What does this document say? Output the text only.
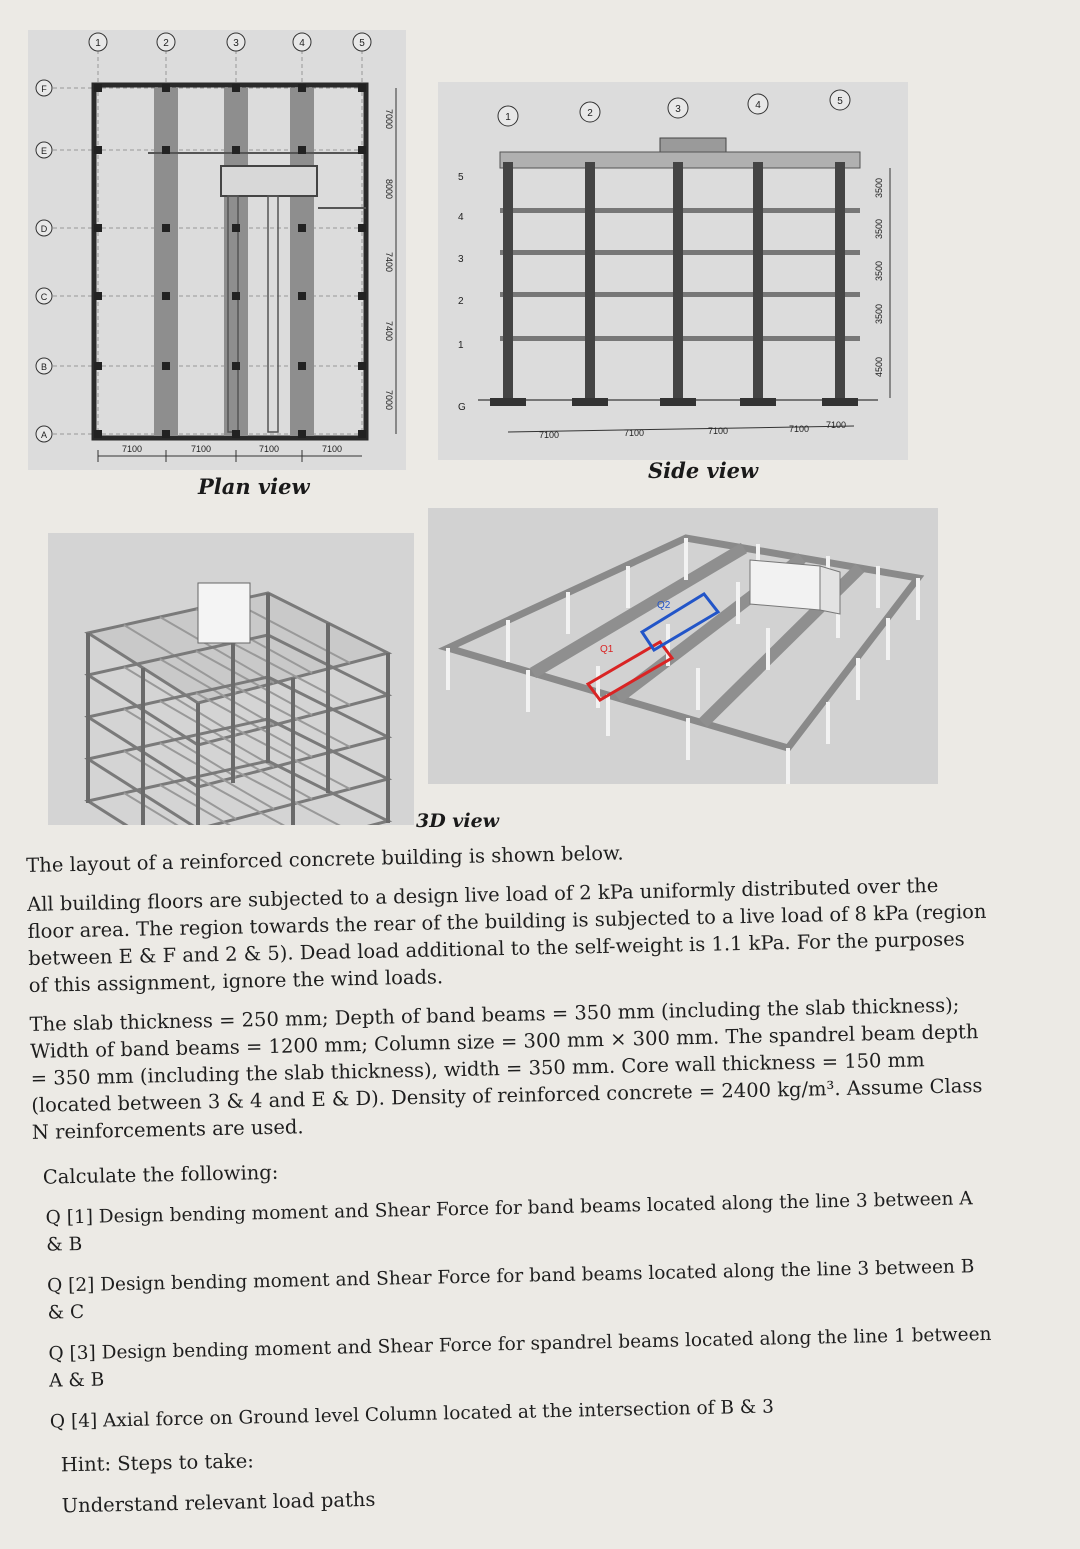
1	2	3	4	5
F
E
D
C
B
A
7100	7100	7100	7100
7000
8000
7400
7400
7000
Plan view
1	2	3	4	5
5
4
3
2
1
G
7100	7100	7100	7100 7100
3500
3500
3500
3500
4500
Side view
Q1
Q2
3D view

The layout of a reinforced concrete building is shown below.

All building floors are subjected to a design live load of 2 kPa uniformly distributed over the floor area. The region towards the rear of the building is subjected to a live load of 8 kPa (region between E & F and 2 & 5). Dead load additional to the self-weight is 1.1 kPa. For the purposes of this assignment, ignore the wind loads.

The slab thickness = 250 mm; Depth of band beams = 350 mm (including the slab thickness); Width of band beams = 1200 mm; Column size = 300 mm × 300 mm. The spandrel beam depth = 350 mm (including the slab thickness), width = 350 mm. Core wall thickness = 150 mm (located between 3 & 4 and E & D). Density of reinforced concrete = 2400 kg/m³. Assume Class N reinforcements are used.

Calculate the following:

Q [1] Design bending moment and Shear Force for band beams located along the line 3 between A & B

Q [2] Design bending moment and Shear Force for band beams located along the line 3 between B & C

Q [3] Design bending moment and Shear Force for spandrel beams located along the line 1 between A & B

Q [4] Axial force on Ground level Column located at the intersection of B & 3

Hint: Steps to take:

Understand relevant load paths
